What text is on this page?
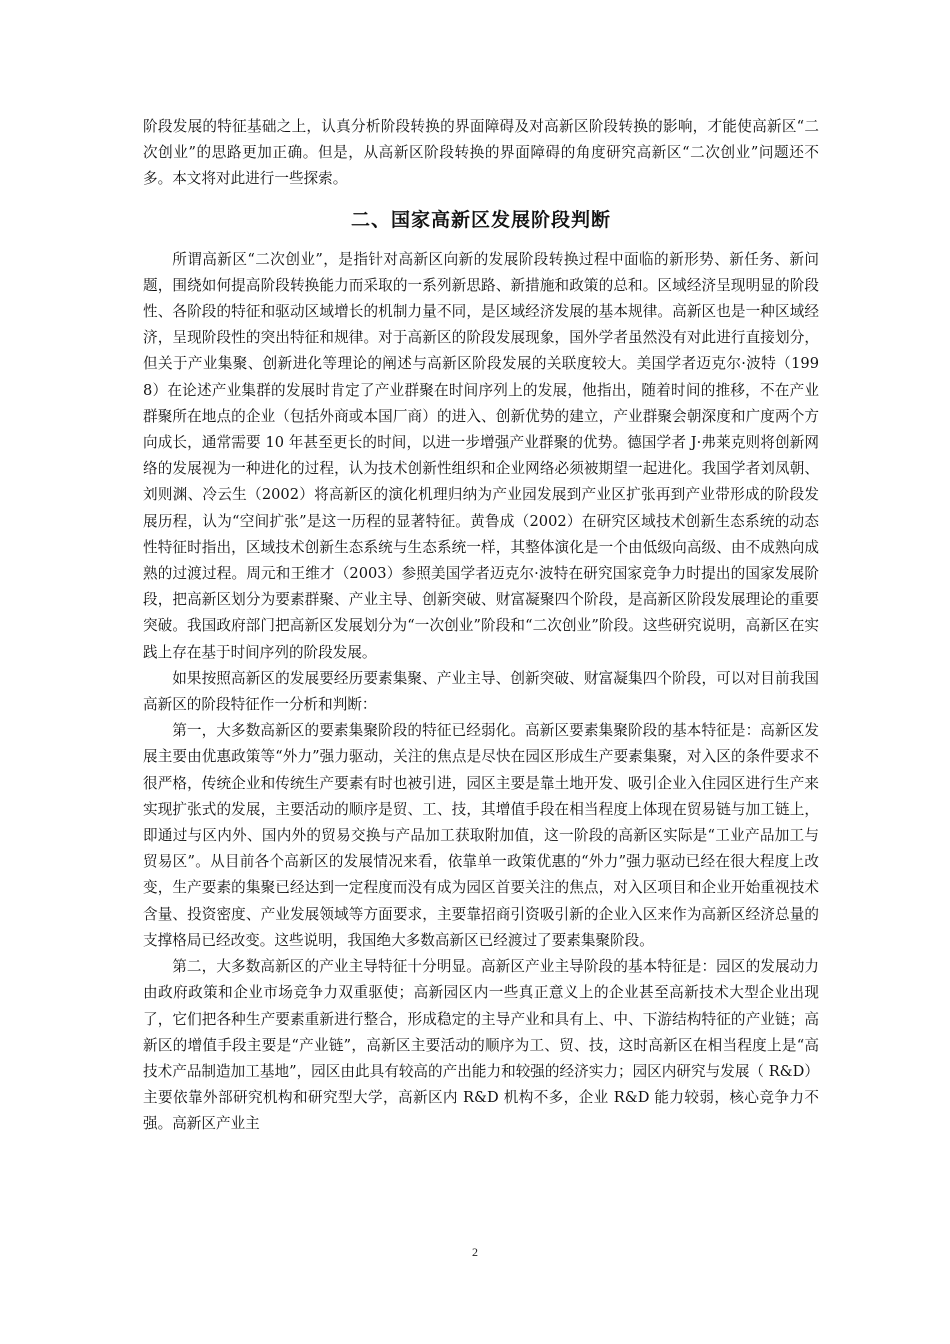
阶段发展的特征基础之上，认真分析阶段转换的界面障碍及对高新区阶段转换的影响，才能使高新区“二次创业”的思路更加正确。但是，从高新区阶段转换的界面障碍的角度研究高新区“二次创业”问题还不多。本文将对此进行一些探索。

二、国家高新区发展阶段判断

所谓高新区“二次创业”，是指针对高新区向新的发展阶段转换过程中面临的新形势、新任务、新问题，围绕如何提高阶段转换能力而采取的一系列新思路、新措施和政策的总和。区域经济呈现明显的阶段性、各阶段的特征和驱动区域增长的机制力量不同，是区域经济发展的基本规律。高新区也是一种区域经济，呈现阶段性的突出特征和规律。对于高新区的阶段发展现象，国外学者虽然没有对此进行直接划分，但关于产业集聚、创新进化等理论的阐述与高新区阶段发展的关联度较大。美国学者迈克尔·波特（1998）在论述产业集群的发展时肯定了产业群聚在时间序列上的发展，他指出，随着时间的推移，不在产业群聚所在地点的企业（包括外商或本国厂商）的进入、创新优势的建立，产业群聚会朝深度和广度两个方向成长，通常需要 10 年甚至更长的时间，以进一步增强产业群聚的优势。德国学者 J·弗莱克则将创新网络的发展视为一种进化的过程，认为技术创新性组织和企业网络必须被期望一起进化。我国学者刘凤朝、刘则渊、冷云生（2002）将高新区的演化机理归纳为产业园发展到产业区扩张再到产业带形成的阶段发展历程，认为“空间扩张”是这一历程的显著特征。黄鲁成（2002）在研究区域技术创新生态系统的动态性特征时指出，区域技术创新生态系统与生态系统一样，其整体演化是一个由低级向高级、由不成熟向成熟的过渡过程。周元和王维才（2003）参照美国学者迈克尔·波特在研究国家竞争力时提出的国家发展阶段，把高新区划分为要素群聚、产业主导、创新突破、财富凝聚四个阶段，是高新区阶段发展理论的重要突破。我国政府部门把高新区发展划分为“一次创业”阶段和“二次创业”阶段。这些研究说明，高新区在实践上存在基于时间序列的阶段发展。

如果按照高新区的发展要经历要素集聚、产业主导、创新突破、财富凝集四个阶段，可以对目前我国高新区的阶段特征作一分析和判断：

第一，大多数高新区的要素集聚阶段的特征已经弱化。高新区要素集聚阶段的基本特征是：高新区发展主要由优惠政策等“外力”强力驱动，关注的焦点是尽快在园区形成生产要素集聚，对入区的条件要求不很严格，传统企业和传统生产要素有时也被引进，园区主要是靠土地开发、吸引企业入住园区进行生产来实现扩张式的发展，主要活动的顺序是贸、工、技，其增值手段在相当程度上体现在贸易链与加工链上， 即通过与区内外、国内外的贸易交换与产品加工获取附加值，这一阶段的高新区实际是“工业产品加工与贸易区”。从目前各个高新区的发展情况来看，依靠单一政策优惠的“外力”强力驱动已经在很大程度上改变，生产要素的集聚已经达到一定程度而没有成为园区首要关注的焦点，对入区项目和企业开始重视技术含量、投资密度、产业发展领域等方面要求，主要靠招商引资吸引新的企业入区来作为高新区经济总量的支撑格局已经改变。这些说明，我国绝大多数高新区已经渡过了要素集聚阶段。

第二，大多数高新区的产业主导特征十分明显。高新区产业主导阶段的基本特征是：园区的发展动力由政府政策和企业市场竞争力双重驱使；高新园区内一些真正意义上的企业甚至高新技术大型企业出现了，它们把各种生产要素重新进行整合，形成稳定的主导产业和具有上、中、下游结构特征的产业链；高新区的增值手段主要是“产业链”，高新区主要活动的顺序为工、贸、技，这时高新区在相当程度上是“高技术产品制造加工基地”，园区由此具有较高的产出能力和较强的经济实力；园区内研究与发展（ R&D）主要依靠外部研究机构和研究型大学，高新区内 R&D 机构不多，企业 R&D 能力较弱，核心竞争力不强。高新区产业主

2
